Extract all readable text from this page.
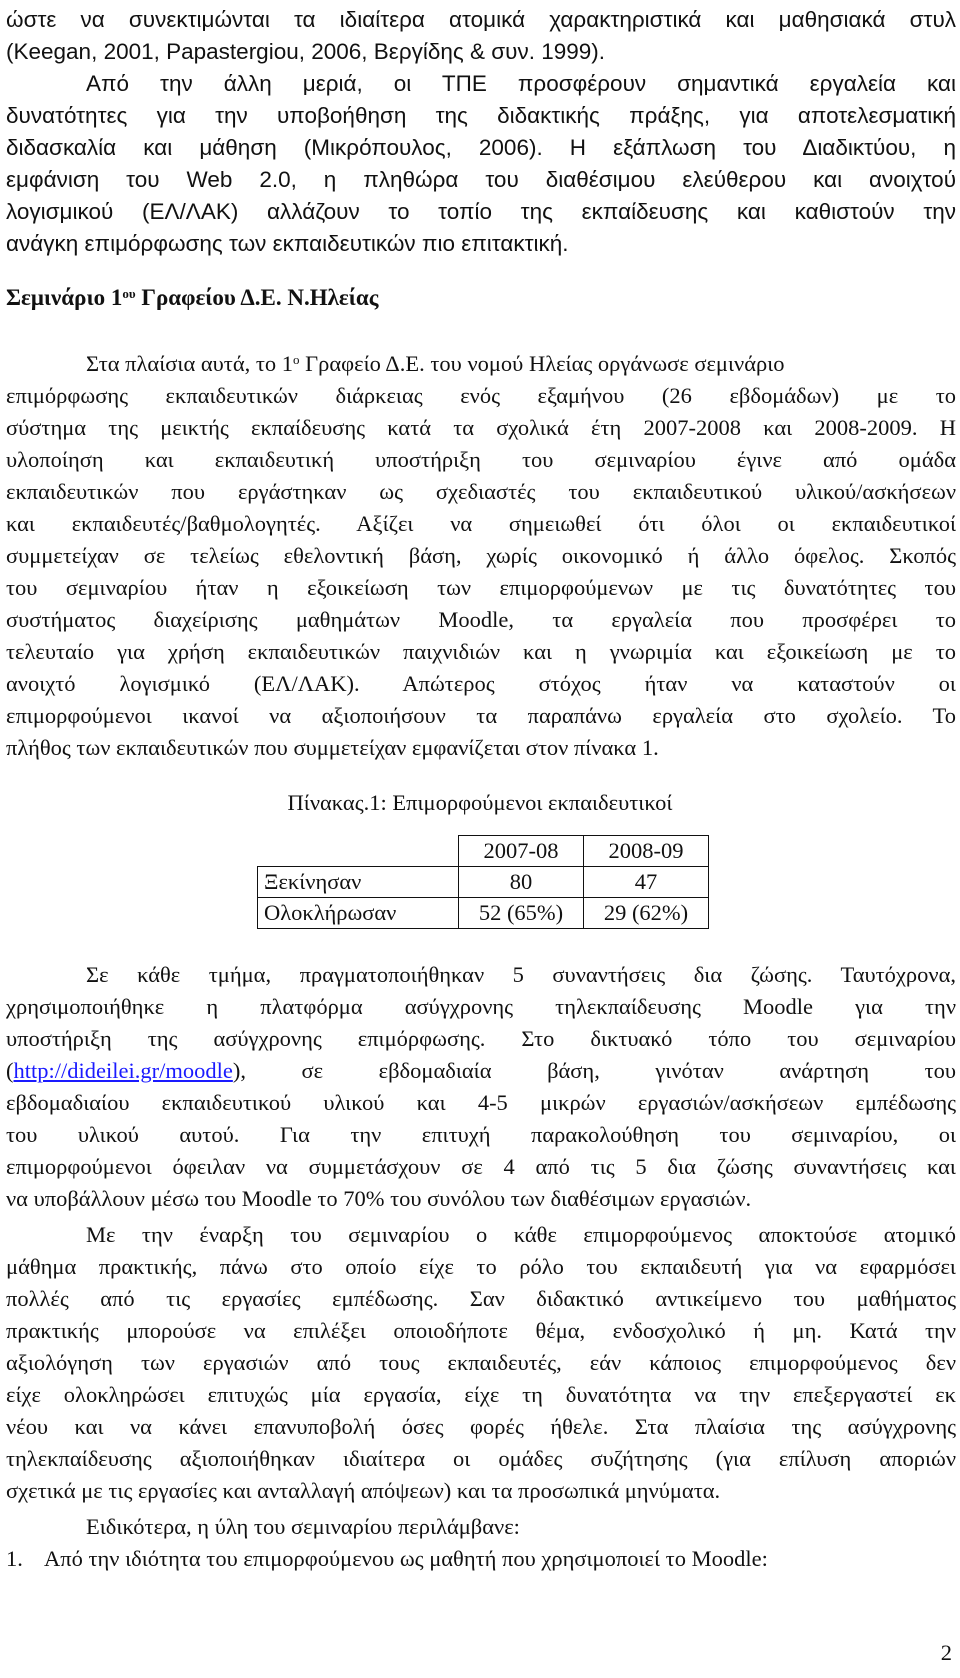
ώστε να συνεκτιμώνται τα ιδιαίτερα ατομικά χαρακτηριστικά και μαθησιακά στυλ
(Keegan, 2001, Papastergiou, 2006, Βεργίδης & συν. 1999).
Από την άλλη μεριά, οι ΤΠΕ προσφέρουν σημαντικά εργαλεία και
δυνατότητες για την υποβοήθηση της διδακτικής πράξης, για αποτελεσματική
διδασκαλία και μάθηση (Μικρόπουλος, 2006). Η εξάπλωση του Διαδικτύου, η
εμφάνιση του Web 2.0, η πληθώρα του διαθέσιμου ελεύθερου και ανοιχτού
λογισμικού (ΕΛ/ΛΑΚ) αλλάζουν το τοπίο της εκπαίδευσης και καθιστούν την
ανάγκη επιμόρφωσης των εκπαιδευτικών πιο επιτακτική.
Σεμινάριο $1^{o\upsilon}$ Γραφείου Δ.Ε. Ν.Ηλείας
Στα πλαίσια αυτά, το $1^o$ Γραφείο Δ.Ε. του νομού Ηλείας οργάνωσε σεμινάριο
επιμόρφωσης εκπαιδευτικών διάρκειας ενός εξαμήνου (26 εβδομάδων) με το
σύστημα της μεικτής εκπαίδευσης κατά τα σχολικά έτη 2007-2008 και 2008-2009. Η
υλοποίηση και εκπαιδευτική υποστήριξη του σεμιναρίου έγινε από ομάδα
εκπαιδευτικών που εργάστηκαν ως σχεδιαστές του εκπαιδευτικού υλικού/ασκήσεων
και εκπαιδευτές/βαθμολογητές. Αξίζει να σημειωθεί ότι όλοι οι εκπαιδευτικοί
συμμετείχαν σε τελείως εθελοντική βάση, χωρίς οικονομικό ή άλλο όφελος. Σκοπός
του σεμιναρίου ήταν η εξοικείωση των επιμορφούμενων με τις δυνατότητες του
συστήματος διαχείρισης μαθημάτων Moodle, τα εργαλεία που προσφέρει το
τελευταίο για χρήση εκπαιδευτικών παιχνιδιών και η γνωριμία και εξοικείωση με το
ανοιχτό λογισμικό (ΕΛ/ΛΑΚ). Απώτερος στόχος ήταν να καταστούν οι
επιμορφούμενοι ικανοί να αξιοποιήσουν τα παραπάνω εργαλεία στο σχολείο. Το
πλήθος των εκπαιδευτικών που συμμετείχαν εμφανίζεται στον πίνακα 1.
Πίνακας.1: Επιμορφούμενοι εκπαιδευτικοί
	2007-08	2008-09
Ξεκίνησαν	80	47
Ολοκλήρωσαν	52 (65%)	29 (62%)
Σε κάθε τμήμα, πραγματοποιήθηκαν 5 συναντήσεις δια ζώσης. Ταυτόχρονα,
χρησιμοποιήθηκε η πλατφόρμα ασύγχρονης τηλεκπαίδευσης Moodle για την
υποστήριξη της ασύγχρονης επιμόρφωσης. Στο δικτυακό τόπο του σεμιναρίου
(http://dideilei.gr/moodle), σε εβδομαδιαία βάση, γινόταν ανάρτηση του
εβδομαδιαίου εκπαιδευτικού υλικού και 4-5 μικρών εργασιών/ασκήσεων εμπέδωσης
του υλικού αυτού. Για την επιτυχή παρακολούθηση του σεμιναρίου, οι
επιμορφούμενοι όφειλαν να συμμετάσχουν σε 4 από τις 5 δια ζώσης συναντήσεις και
να υποβάλλουν μέσω του Moodle το 70% του συνόλου των διαθέσιμων εργασιών.
Με την έναρξη του σεμιναρίου ο κάθε επιμορφούμενος αποκτούσε ατομικό
μάθημα πρακτικής, πάνω στο οποίο είχε το ρόλο του εκπαιδευτή για να εφαρμόσει
πολλές από τις εργασίες εμπέδωσης. Σαν διδακτικό αντικείμενο του μαθήματος
πρακτικής μπορούσε να επιλέξει οποιοδήποτε θέμα, ενδοσχολικό ή μη. Κατά την
αξιολόγηση των εργασιών από τους εκπαιδευτές, εάν κάποιος επιμορφούμενος δεν
είχε ολοκληρώσει επιτυχώς μία εργασία, είχε τη δυνατότητα να την επεξεργαστεί εκ
νέου και να κάνει επανυποβολή όσες φορές ήθελε. Στα πλαίσια της ασύγχρονης
τηλεκπαίδευσης αξιοποιήθηκαν ιδιαίτερα οι ομάδες συζήτησης (για επίλυση απoριών
σχετικά με τις εργασίες και ανταλλαγή απόψεων) και τα προσωπικά μηνύματα.
Ειδικότερα, η ύλη του σεμιναρίου περιλάμβανε:
1. Από την ιδιότητα του επιμορφούμενου ως μαθητή που χρησιμοποιεί το Moodle:
2
